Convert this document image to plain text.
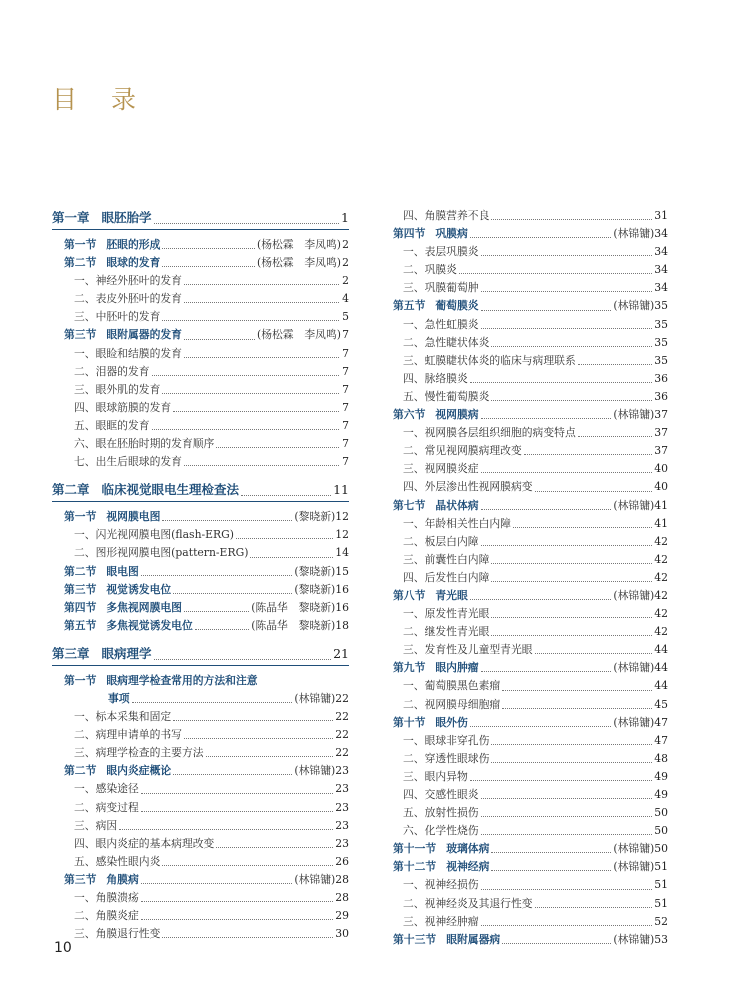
目 录
第一章 眼胚胎学	1
第一节 胚眼的形成	(杨松霖　李凤鸣) 2
第二节 眼球的发育	(杨松霖　李凤鸣) 2
一、神经外胚叶的发育	2
二、表皮外胚叶的发育	4
三、中胚叶的发育	5
第三节 眼附属器的发育	(杨松霖　李凤鸣) 7
一、眼睑和结膜的发育	7
二、泪器的发育	7
三、眼外肌的发育	7
四、眼球筋膜的发育	7
五、眼眶的发育	7
六、眼在胚胎时期的发育顺序	7
七、出生后眼球的发育	7
第二章 临床视觉眼电生理检查法	11
第一节 视网膜电图	(黎晓新) 12
一、闪光视网膜电图(flash-ERG)	12
二、图形视网膜电图(pattern-ERG)	14
第二节 眼电图	(黎晓新) 15
第三节 视觉诱发电位	(黎晓新) 16
第四节 多焦视网膜电图	(陈晶华　黎晓新) 16
第五节 多焦视觉诱发电位	(陈晶华　黎晓新) 18
第三章 眼病理学	21
第一节 眼病理学检查常用的方法和注意
事项	(林锦镛) 22
一、标本采集和固定	22
二、病理申请单的书写	22
三、病理学检查的主要方法	22
第二节 眼内炎症概论	(林锦镛) 23
一、感染途径	23
二、病变过程	23
三、病因	23
四、眼内炎症的基本病理改变	23
五、感染性眼内炎	26
第三节 角膜病	(林锦镛) 28
一、角膜溃疡	28
二、角膜炎症	29
三、角膜退行性变	30
四、角膜营养不良	31
第四节 巩膜病	(林锦镛) 34
一、表层巩膜炎	34
二、巩膜炎	34
三、巩膜葡萄肿	34
第五节 葡萄膜炎	(林锦镛) 35
一、急性虹膜炎	35
二、急性睫状体炎	35
三、虹膜睫状体炎的临床与病理联系	35
四、脉络膜炎	36
五、慢性葡萄膜炎	36
第六节 视网膜病	(林锦镛) 37
一、视网膜各层组织细胞的病变特点	37
二、常见视网膜病理改变	37
三、视网膜炎症	40
四、外层渗出性视网膜病变	40
第七节 晶状体病	(林锦镛) 41
一、年龄相关性白内障	41
二、板层白内障	42
三、前囊性白内障	42
四、后发性白内障	42
第八节 青光眼	(林锦镛) 42
一、原发性青光眼	42
二、继发性青光眼	42
三、发育性及儿童型青光眼	44
第九节 眼内肿瘤	(林锦镛) 44
一、葡萄膜黑色素瘤	44
二、视网膜母细胞瘤	45
第十节 眼外伤	(林锦镛) 47
一、眼球非穿孔伤	47
二、穿透性眼球伤	48
三、眼内异物	49
四、交感性眼炎	49
五、放射性损伤	50
六、化学性烧伤	50
第十一节 玻璃体病	(林锦镛) 50
第十二节 视神经病	(林锦镛) 51
一、视神经损伤	51
二、视神经炎及其退行性变	51
三、视神经肿瘤	52
第十三节 眼附属器病	(林锦镛) 53
10
